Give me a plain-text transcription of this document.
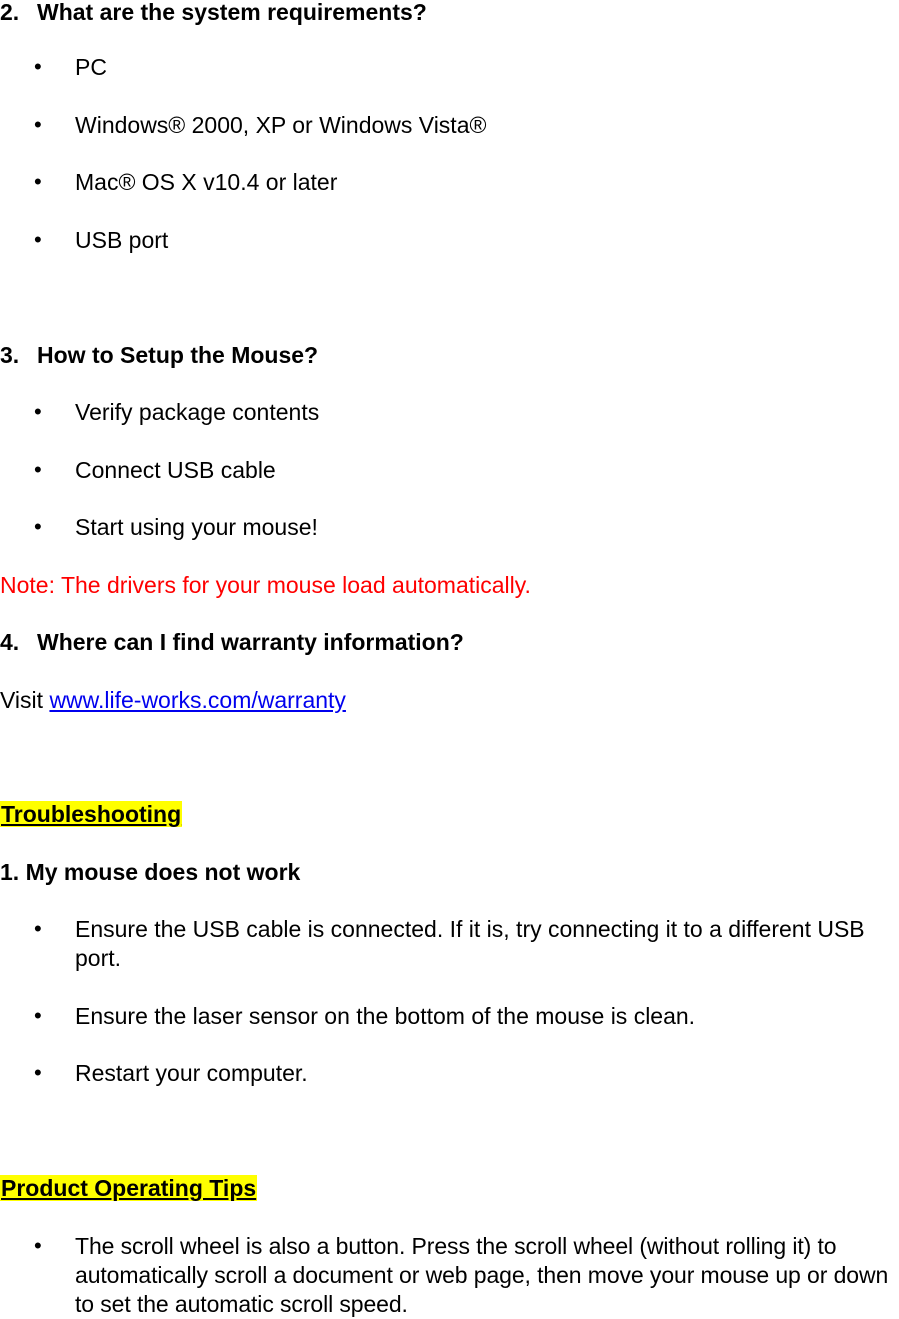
2. What are the system requirements?
• PC
• Windows® 2000, XP or Windows Vista®
• Mac® OS X v10.4 or later
• USB port
3. How to Setup the Mouse?
• Verify package contents
• Connect USB cable
• Start using your mouse!
Note: The drivers for your mouse load automatically.
4. Where can I find warranty information?
Visit www.life-works.com/warranty
Troubleshooting
1. My mouse does not work
• Ensure the USB cable is connected. If it is, try connecting it to a different USB port.
• Ensure the laser sensor on the bottom of the mouse is clean.
• Restart your computer.
Product Operating Tips
• The scroll wheel is also a button. Press the scroll wheel (without rolling it) to automatically scroll a document or web page, then move your mouse up or down to set the automatic scroll speed.
